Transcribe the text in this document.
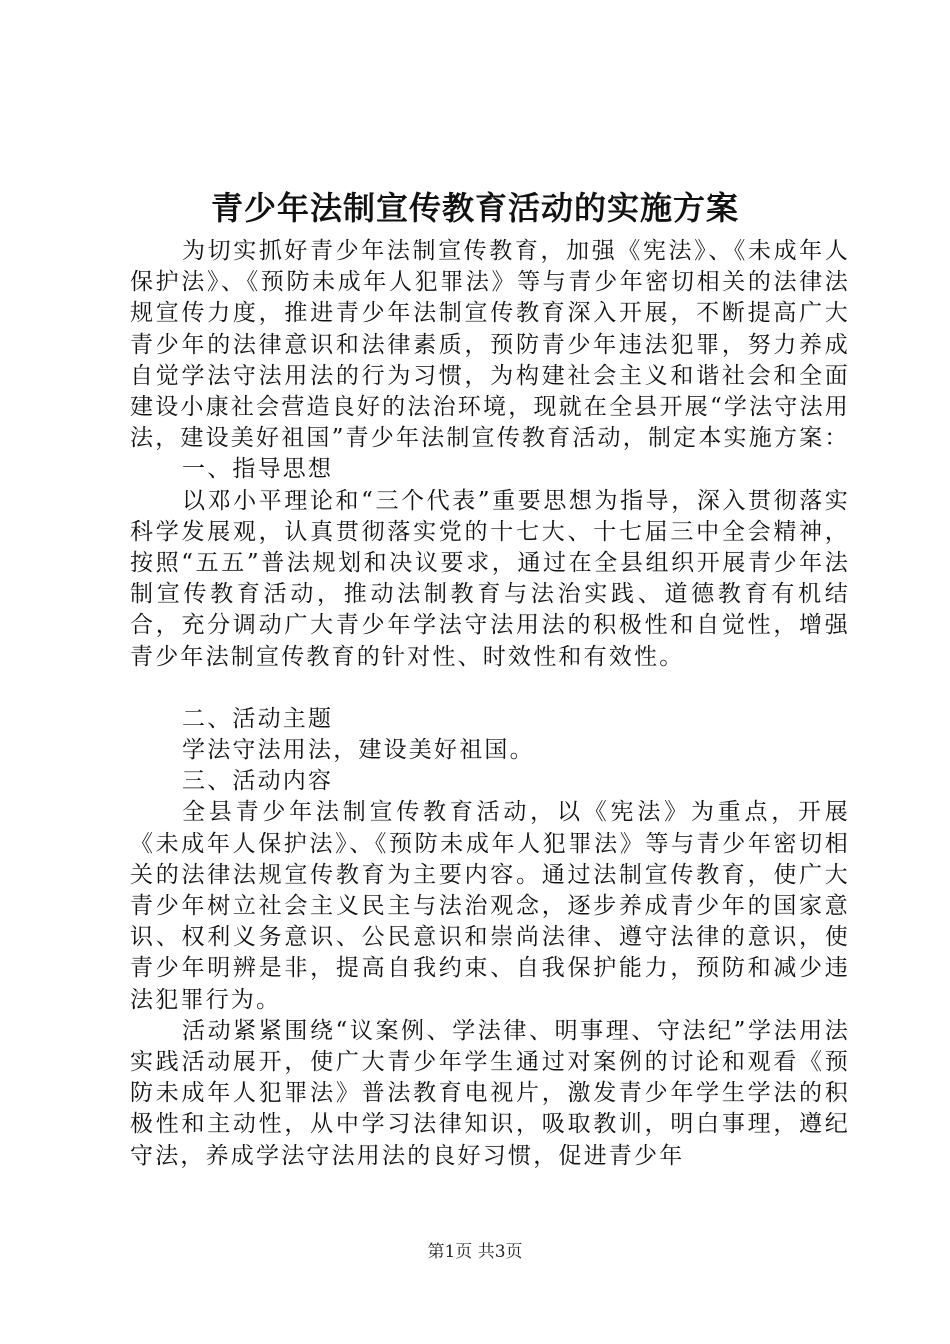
青少年法制宣传教育活动的实施方案

为切实抓好青少年法制宣传教育，加强《宪法》、《未成年人保护法》、《预防未成年人犯罪法》等与青少年密切相关的法律法规宣传力度，推进青少年法制宣传教育深入开展，不断提高广大青少年的法律意识和法律素质，预防青少年违法犯罪，努力养成自觉学法守法用法的行为习惯，为构建社会主义和谐社会和全面建设小康社会营造良好的法治环境，现就在全县开展“学法守法用法，建设美好祖国”青少年法制宣传教育活动，制定本实施方案：

一、指导思想

以邓小平理论和“三个代表”重要思想为指导，深入贯彻落实科学发展观，认真贯彻落实党的十七大、十七届三中全会精神，按照“五五”普法规划和决议要求，通过在全县组织开展青少年法制宣传教育活动，推动法制教育与法治实践、道德教育有机结合，充分调动广大青少年学法守法用法的积极性和自觉性，增强青少年法制宣传教育的针对性、时效性和有效性。

二、活动主题

学法守法用法，建设美好祖国。

三、活动内容

全县青少年法制宣传教育活动，以《宪法》为重点，开展《未成年人保护法》、《预防未成年人犯罪法》等与青少年密切相关的法律法规宣传教育为主要内容。通过法制宣传教育，使广大青少年树立社会主义民主与法治观念，逐步养成青少年的国家意识、权利义务意识、公民意识和崇尚法律、遵守法律的意识，使青少年明辨是非，提高自我约束、自我保护能力，预防和减少违法犯罪行为。

活动紧紧围绕“议案例、学法律、明事理、守法纪”学法用法实践活动展开，使广大青少年学生通过对案例的讨论和观看《预防未成年人犯罪法》普法教育电视片，激发青少年学生学法的积极性和主动性，从中学习法律知识，吸取教训，明白事理，遵纪守法，养成学法守法用法的良好习惯，促进青少年

第1页 共3页
